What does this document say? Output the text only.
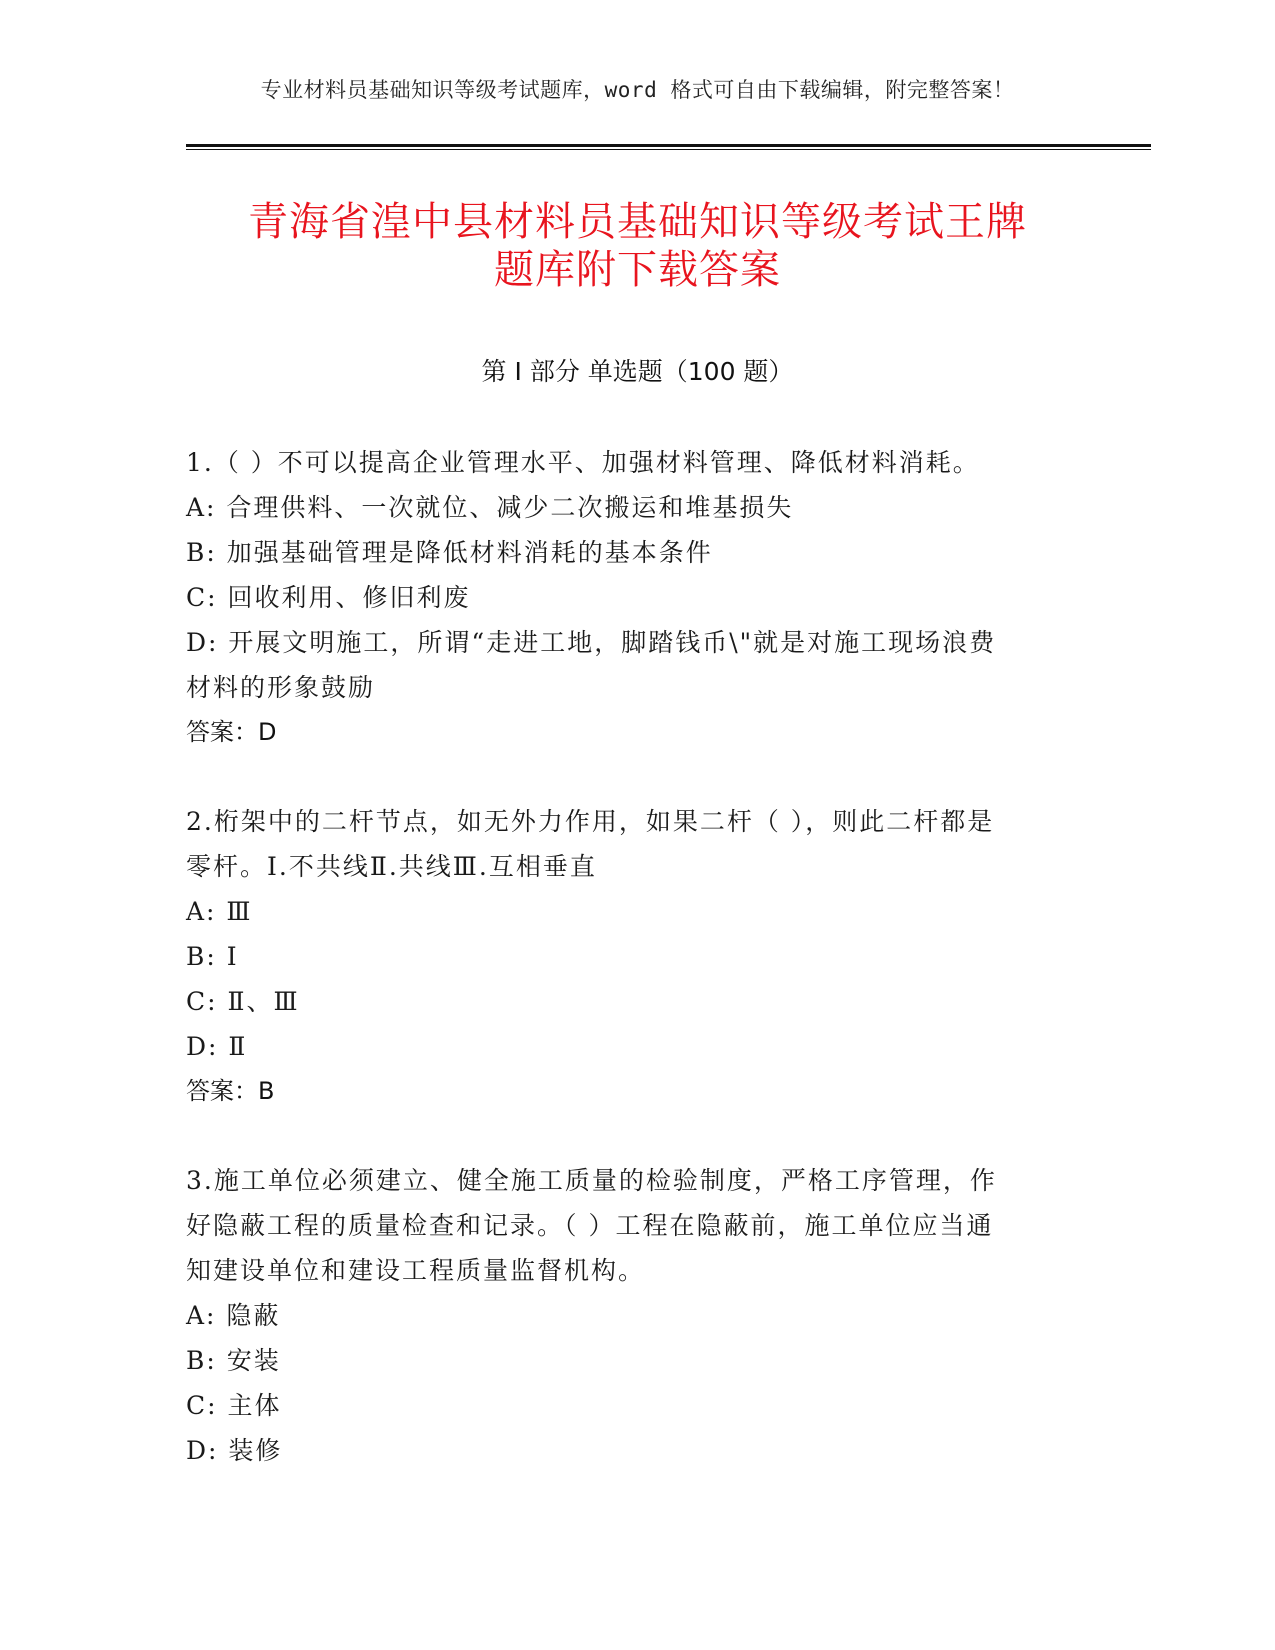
专业材料员基础知识等级考试题库，word 格式可自由下载编辑，附完整答案！
青海省湟中县材料员基础知识等级考试王牌
题库附下载答案
第 I 部分 单选题（100 题）
1.（ ）不可以提高企业管理水平、加强材料管理、降低材料消耗。
A: 合理供料、一次就位、减少二次搬运和堆基损失
B: 加强基础管理是降低材料消耗的基本条件
C: 回收利用、修旧利废
D: 开展文明施工，所谓“走进工地，脚踏钱币\"就是对施工现场浪费
材料的形象鼓励
答案：D
2.桁架中的二杆节点，如无外力作用，如果二杆（ ），则此二杆都是
零杆。I.不共线Ⅱ.共线Ⅲ.互相垂直
A: Ⅲ
B: I
C: Ⅱ、Ⅲ
D: Ⅱ
答案：B
3.施工单位必须建立、健全施工质量的检验制度，严格工序管理，作
好隐蔽工程的质量检查和记录。（ ）工程在隐蔽前，施工单位应当通
知建设单位和建设工程质量监督机构。
A: 隐蔽
B: 安装
C: 主体
D: 装修
